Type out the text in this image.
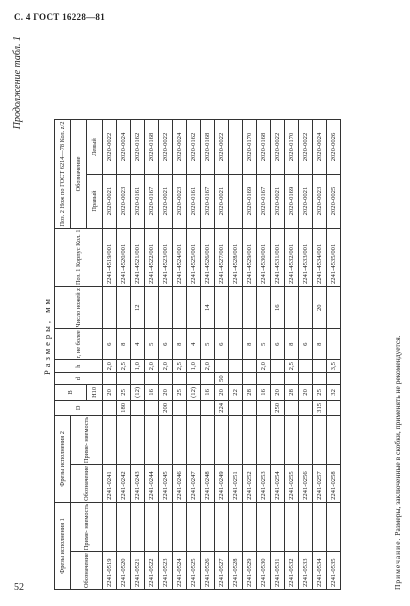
С. 4 ГОСТ 16228—81
52
Продолжение табл. 1
Размеры, мм
Фрезы исполнения 1		Фрезы исполнения 2		D	B	d	h	r, не более	Число ножей z	Поз. 1 Корпус Кол. 1	Поз. 2 Нож по ГОСТ 6214—78 Кол. z/2	
Обозначение	Приме- няемость	Обозначение	Приме- няемость								Обозначение	
					H10						Правый	Левый
2241-0519		2241-0241			20		2,0	6		2241-4519/001	2020-0021	2020-0022
2241-0520		2241-0242		180	25		2,5	8		2241-4520/001	2020-0023	2020-0024
2241-0521		2241-0243			(12)		1,0	4	12	2241-4521/001	2020-0161	2020-0162
2241-0522		2241-0244			16		2,0	5		2241-4522/001	2020-0167	2020-0168
2241-0523		2241-0245		200	20		2,0	6		2241-4523/001	2020-0021	2020-0022
2241-0524		2241-0246			25		2,5	8		2241-4524/001	2020-0023	2020-0024
2241-0525		2241-0247			(12)		1,0	4		2241-4525/001	2020-0161	2020-0162
2241-0526		2241-0248			16		2,0	5	14	2241-4526/001	2020-0167	2020-0168
2241-0527		2241-0249		224	20	50		6		2241-4527/001	2020-0021	2020-0022
2241-0528		2241-0251			22					2241-4528/001		
2241-0529		2241-0252			28			8		2241-4529/001	2020-0169	2020-0170
2241-0530		2241-0253			16		2,0	5		2241-4530/001	2020-0167	2020-0168
2241-0531		2241-0254		250	20			6	16	2241-4531/001	2020-0021	2020-0022
2241-0532		2241-0255			28		2,5	8		2241-4532/001	2020-0169	2020-0170
2241-0533		2241-0256			20			6		2241-4533/001	2020-0021	2020-0022
2241-0534		2241-0257		315	25			8	20	2241-4534/001	2020-0023	2020-0024
2241-0535		2241-0258			32		3,5			2241-4535/001	2020-0025	2020-0026
Примечание. Размеры, заключенные в скобки, применять не рекомендуется.
